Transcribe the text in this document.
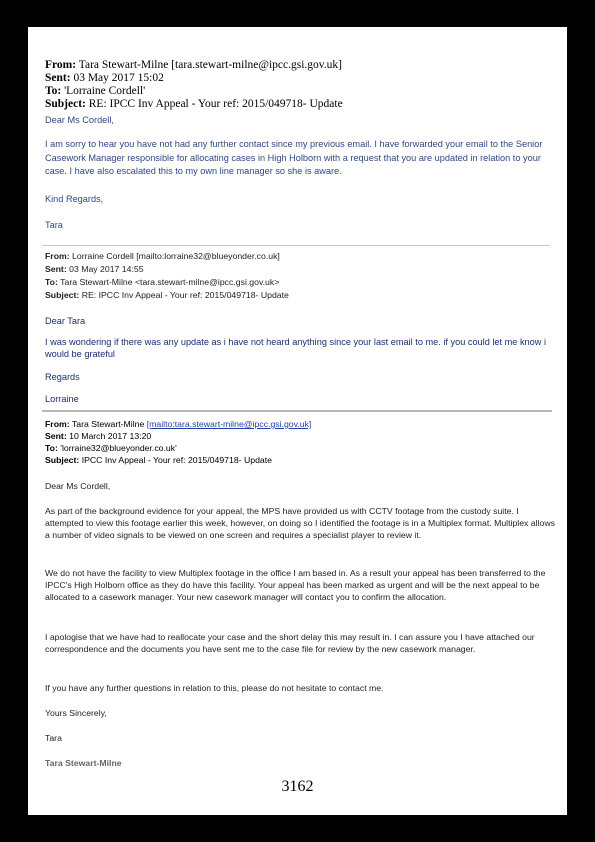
From: Tara Stewart-Milne [tara.stewart-milne@ipcc.gsi.gov.uk]
Sent: 03 May 2017 15:02
To: 'Lorraine Cordell'
Subject: RE: IPCC Inv Appeal - Your ref: 2015/049718- Update
Dear Ms Cordell,
I am sorry to hear you have not had any further contact since my previous email. I have forwarded your email to the Senior Casework Manager responsible for allocating cases in High Holborn with a request that you are updated in relation to your case. I have also escalated this to my own line manager so she is aware.
Kind Regards,
Tara
From: Lorraine Cordell [mailto:lorraine32@blueyonder.co.uk]
Sent: 03 May 2017 14:55
To: Tara Stewart-Milne <tara.stewart-milne@ipcc.gsi.gov.uk>
Subject: RE: IPCC Inv Appeal - Your ref: 2015/049718- Update
Dear Tara
I was wondering if there was any update as i have not heard anything since your last email to me. if you could let me know i would be grateful
Regards
Lorraine
From: Tara Stewart-Milne [mailto:tara.stewart-milne@ipcc.gsi.gov.uk]
Sent: 10 March 2017 13:20
To: 'lorraine32@blueyonder.co.uk'
Subject: IPCC Inv Appeal - Your ref: 2015/049718- Update
Dear Ms Cordell,
As part of the background evidence for your appeal, the MPS have provided us with CCTV footage from the custody suite. I attempted to view this footage earlier this week, however, on doing so I identified the footage is in a Multiplex format. Multiplex allows a number of video signals to be viewed on one screen and requires a specialist player to review it.
We do not have the facility to view Multiplex footage in the office I am based in. As a result your appeal has been transferred to the IPCC's High Holborn office as they do have this facility. Your appeal has been marked as urgent and will be the next appeal to be allocated to a casework manager. Your new casework manager will contact you to confirm the allocation.
I apologise that we have had to reallocate your case and the short delay this may result in. I can assure you I have attached our correspondence and the documents you have sent me to the case file for review by the new casework manager.
If you have any further questions in relation to this, please do not hesitate to contact me.
Yours Sincerely,
Tara
Tara Stewart-Milne
3162
